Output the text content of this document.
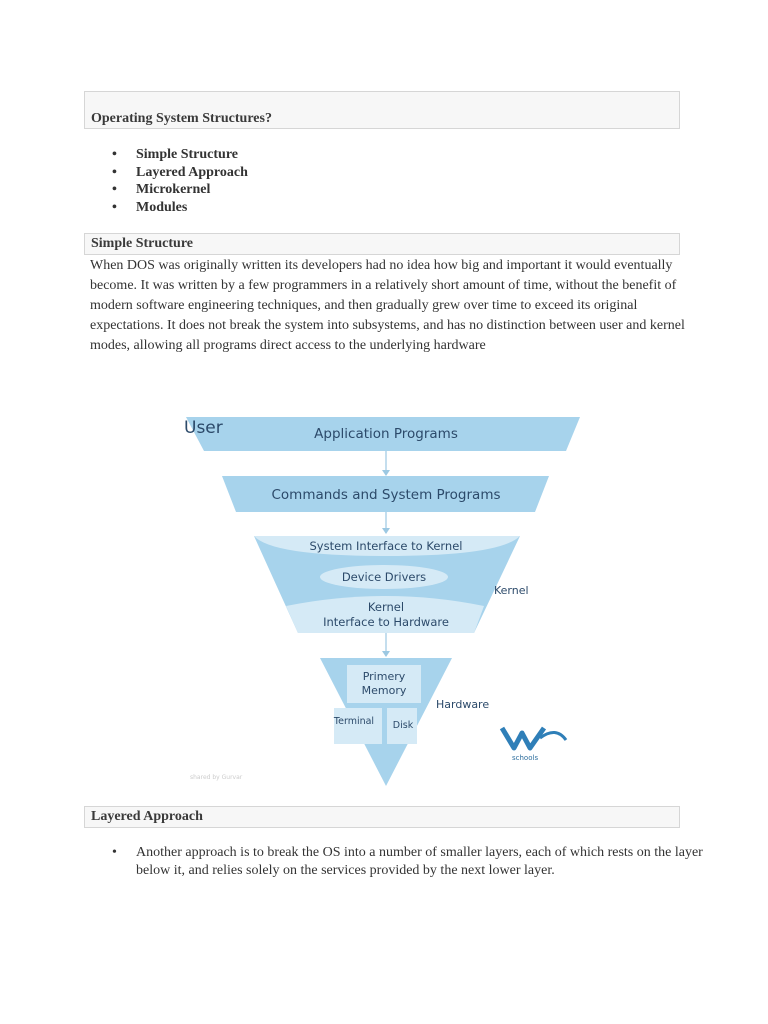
Operating System Structures?
• Simple Structure
• Layered Approach
• Microkernel
• Modules
Simple Structure
When DOS was originally written its developers had no idea how big and important it would eventually become. It was written by a few programmers in a relatively short amount of time, without the benefit of modern software engineering techniques, and then gradually grew over time to exceed its original expectations. It does not break the system into subsystems, and has no distinction between user and kernel modes, allowing all programs direct access to the underlying hardware
User	Application Programs
Commands and System Programs
System Interface to Kernel
Device Drivers
Kernel
Interface to Hardware
Kernel
Primery
Memory
Terminal Disk
Hardware
schools
shared by Gurvar
Layered Approach
• Another approach is to break the OS into a number of smaller layers, each of which rests on the layer below it, and relies solely on the services provided by the next lower layer.
